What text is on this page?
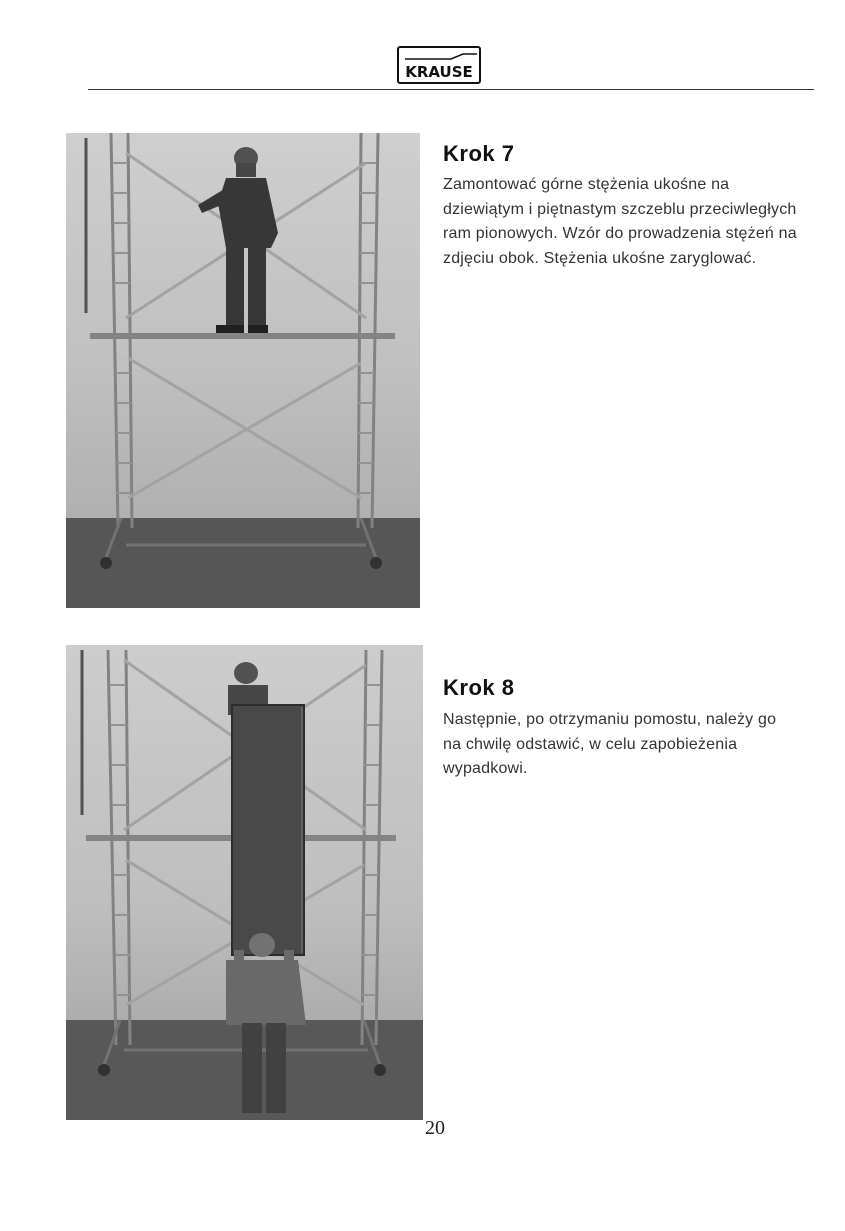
KRAUSE
Krok 7

Zamontować górne stężenia ukośne na dziewiątym i piętnastym szczeblu przeciwległych ram pionowych. Wzór do prowadzenia stężeń na zdjęciu obok. Stężenia ukośne zaryglować.

Krok 8

Następnie, po otrzymaniu pomostu, należy go na chwilę odstawić, w celu zapobieżenia wypadkowi.

20
